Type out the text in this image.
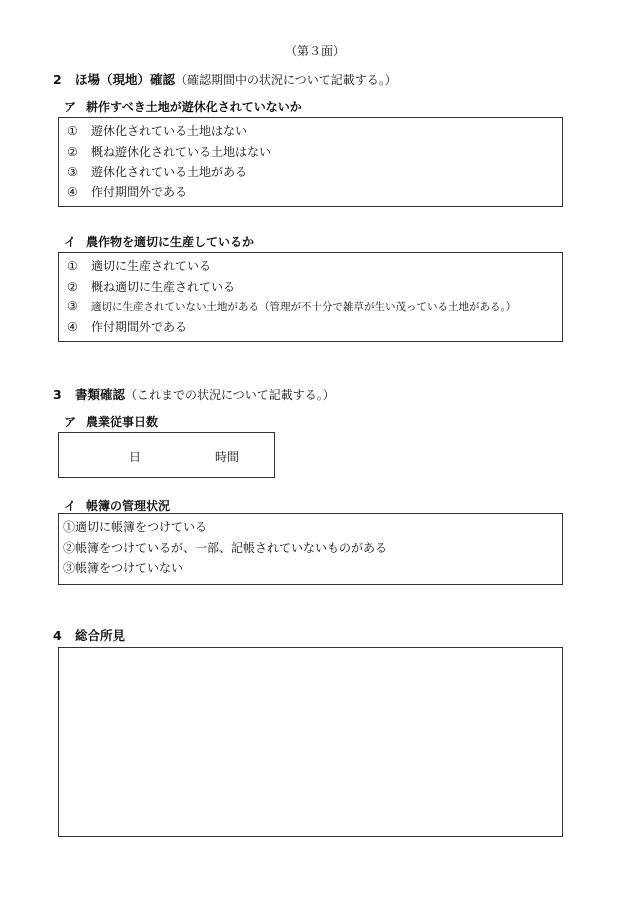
（第３面）
2 ほ場（現地）確認（確認期間中の状況について記載する。）
ア 耕作すべき土地が遊休化されていないか
① 遊休化されている土地はない
② 概ね遊休化されている土地はない
③ 遊休化されている土地がある
④ 作付期間外である
イ 農作物を適切に生産しているか
① 適切に生産されている
② 概ね適切に生産されている
③ 適切に生産されていない土地がある（管理が不十分で雑草が生い茂っている土地がある。）
④ 作付期間外である
3 書類確認（これまでの状況について記載する。）
ア 農業従事日数
日	時間
イ 帳簿の管理状況
①適切に帳簿をつけている
②帳簿をつけているが、一部、記帳されていないものがある
③帳簿をつけていない
4 総合所見
